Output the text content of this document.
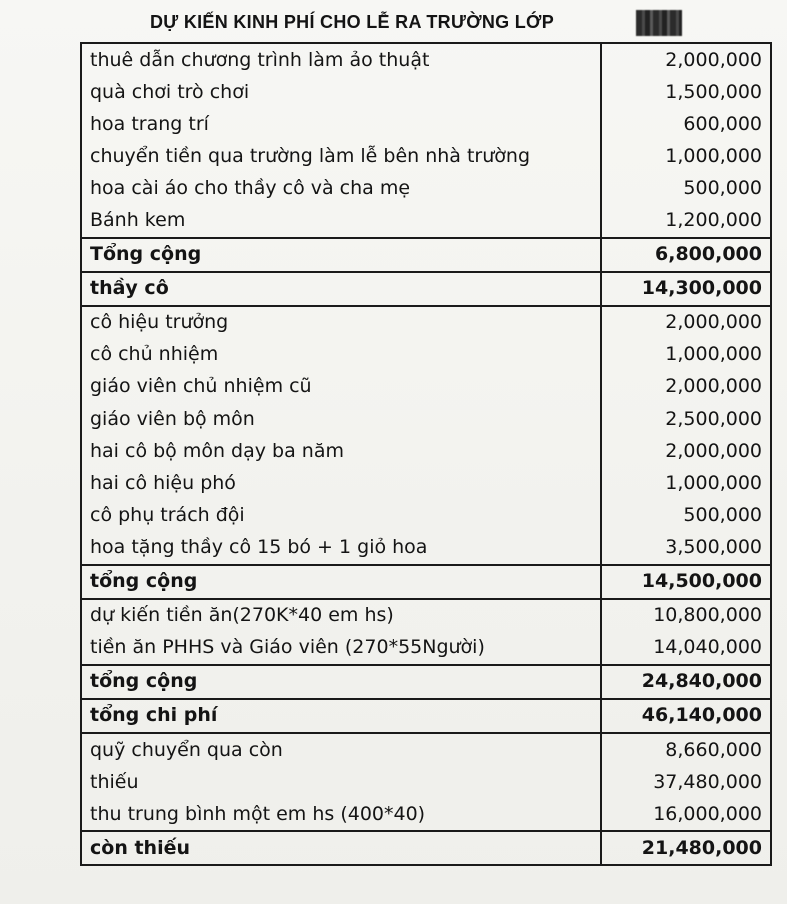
DỰ KIẾN KINH PHÍ CHO LỄ RA TRƯỜNG LỚP
thuê dẫn chương trình làm ảo thuật	2,000,000
quà chơi trò chơi	1,500,000
hoa trang trí	600,000
chuyển tiền qua trường làm lễ bên nhà trường	1,000,000
hoa cài áo cho thầy cô và cha mẹ	500,000
Bánh kem	1,200,000
Tổng cộng	6,800,000
thầy cô	14,300,000
cô hiệu trưởng	2,000,000
cô chủ nhiệm	1,000,000
giáo viên chủ nhiệm cũ	2,000,000
giáo viên bộ môn	2,500,000
hai cô bộ môn dạy ba năm	2,000,000
hai cô hiệu phó	1,000,000
cô phụ trách đội	500,000
hoa tặng thầy cô 15 bó + 1 giỏ hoa	3,500,000
tổng cộng	14,500,000
dự kiến tiền ăn(270K*40 em hs)	10,800,000
tiền ăn PHHS và Giáo viên (270*55Người)	14,040,000
tổng cộng	24,840,000
tổng chi phí	46,140,000
quỹ chuyển qua còn	8,660,000
thiếu	37,480,000
thu trung bình một em hs (400*40)	16,000,000
còn thiếu	21,480,000
